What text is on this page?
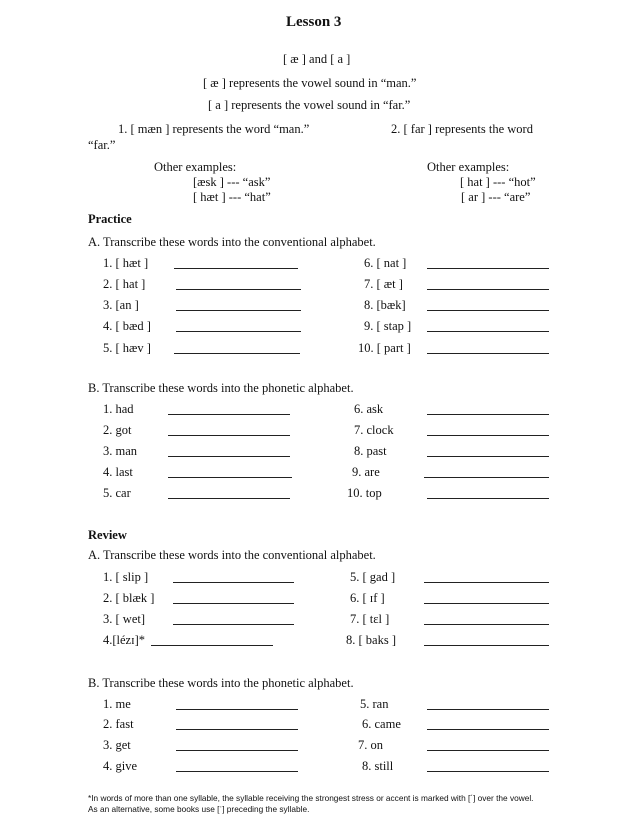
Lesson 3
[ æ ] and [ a ]
[ æ ] represents the vowel sound in “man.”
[ a ] represents the vowel sound in “far.”
1. [ mæn ] represents the word “man.”	2. [ far ] represents the word
“far.”
Other examples:
[æsk ] --- “ask”
[ hæt ] --- “hat”
Other examples:
[ hat ] --- “hot”
[ ar ] --- “are”
Practice
A. Transcribe these words into the conventional alphabet.
1. [ hæt ]	6. [ nat ]
2. [ hat ]	7. [ æt ]
3. [an ]	8. [bæk]
4. [ bæd ]	9. [ stap ]
5. [ hæv ]	10. [ part ]
B. Transcribe these words into the phonetic alphabet.
1. had	6. ask
2. got	7. clock
3. man	8. past
4. last	9. are
5. car	10. top
Review
A. Transcribe these words into the conventional alphabet.
1. [ slip ]	5. [ gad ]
2. [ blæk ]	6. [ ɪf ]
3. [ wet]	7. [ tɛl ]
4.[lézɪ]*	8. [ baks ]
B. Transcribe these words into the phonetic alphabet.
1. me	5. ran
2. fast	6. came
3. get	7. on
4. give	8. still
*In words of more than one syllable, the syllable receiving the strongest stress or accent is marked with [´] over the vowel.
As an alternative, some books use [ˈ] preceding the syllable.
